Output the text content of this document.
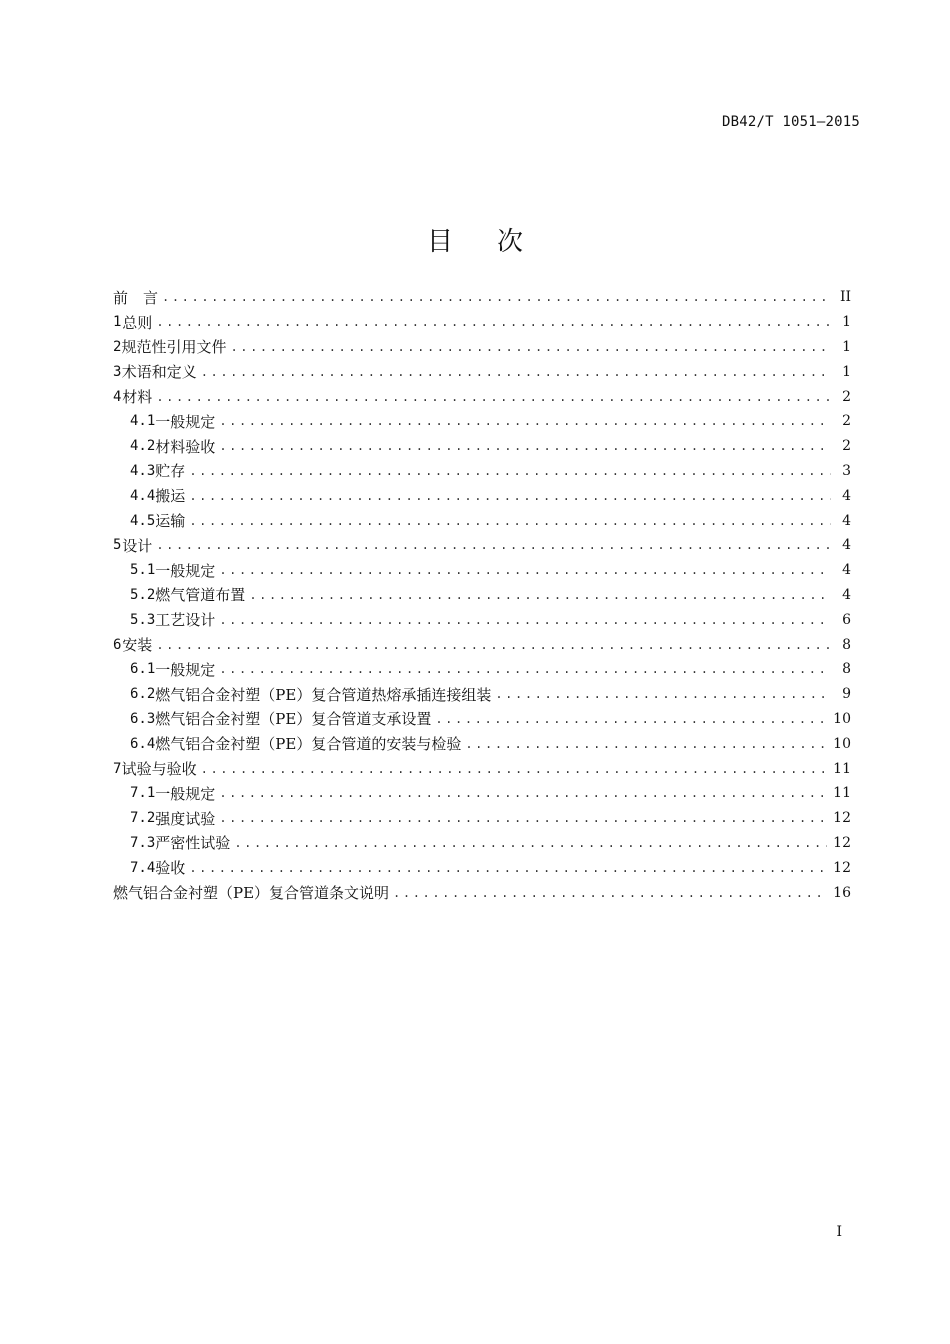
DB42/T 1051—2015
目次
前　言 .....	II
1 总则 .....	1
2 规范性引用文件 .....	1
3 术语和定义 .....	1
4 材料 .....	2
4.1 一般规定 .....	2
4.2 材料验收 .....	2
4.3 贮存 .....	3
4.4 搬运 .....	4
4.5 运输 .....	4
5 设计 .....	4
5.1 一般规定 .....	4
5.2 燃气管道布置 .....	4
5.3 工艺设计 .....	6
6 安装 .....	8
6.1 一般规定 .....	8
6.2 燃气铝合金衬塑（PE）复合管道热熔承插连接组装 .....	9
6.3 燃气铝合金衬塑（PE）复合管道支承设置 .....	10
6.4 燃气铝合金衬塑（PE）复合管道的安装与检验 .....	10
7 试验与验收 .....	11
7.1 一般规定 .....	11
7.2 强度试验 .....	12
7.3 严密性试验 .....	12
7.4 验收 .....	12
燃气铝合金衬塑（PE）复合管道条文说明 .....	16
I
